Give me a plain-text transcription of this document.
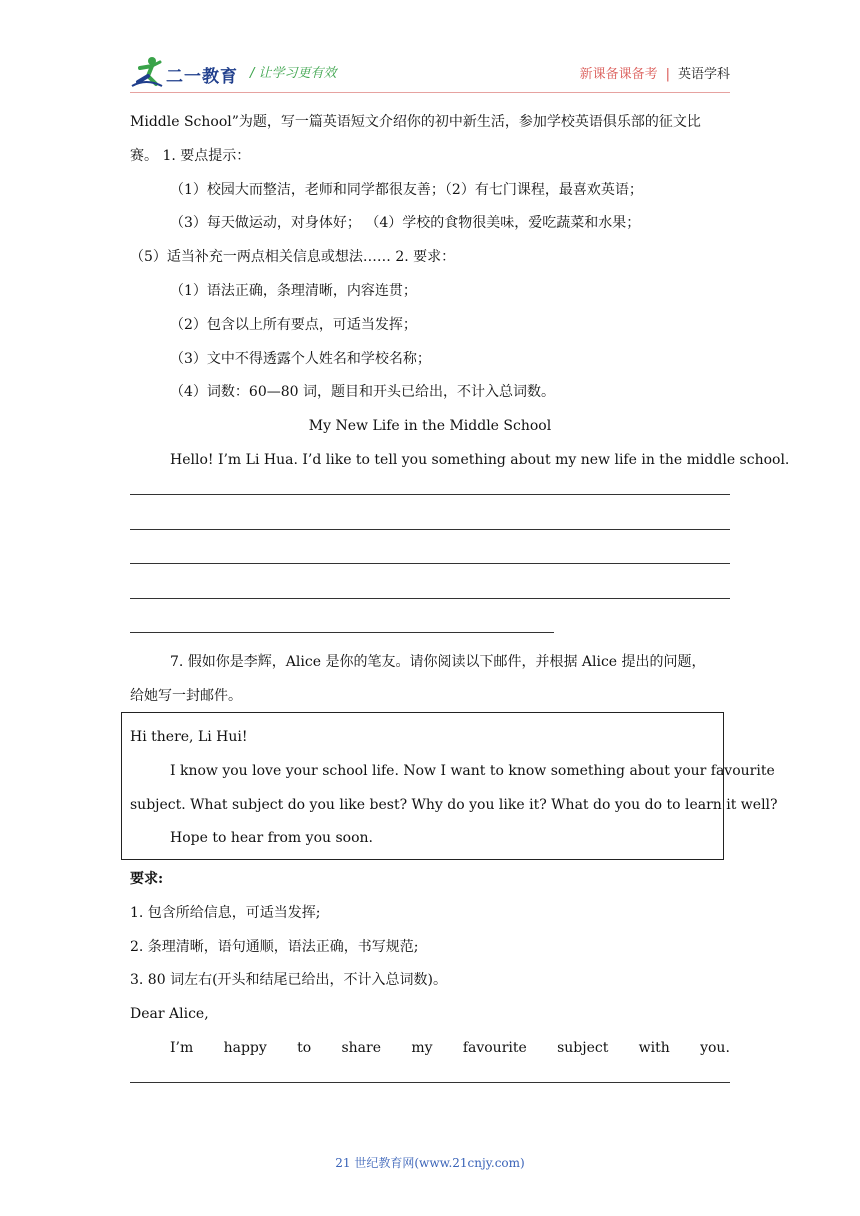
二一教育 / 让学习更有效	新课备课备考 | 英语学科
Middle School”为题，写一篇英语短文介绍你的初中新生活，参加学校英语俱乐部的征文比
赛。 1. 要点提示：
（1）校园大而整洁，老师和同学都很友善；（2）有七门课程，最喜欢英语；
（3）每天做运动，对身体好； （4）学校的食物很美味，爱吃蔬菜和水果；
（5）适当补充一两点相关信息或想法…… 2. 要求：
（1）语法正确，条理清晰，内容连贯；
（2）包含以上所有要点，可适当发挥；
（3）文中不得透露个人姓名和学校名称；
（4）词数：60—80 词，题目和开头已给出，不计入总词数。
My New Life in the Middle School
Hello! I’m Li Hua. I’d like to tell you something about my new life in the middle school.
7. 假如你是李辉，Alice 是你的笔友。请你阅读以下邮件，并根据 Alice 提出的问题，
给她写一封邮件。
Hi there, Li Hui!
I know you love your school life. Now I want to know something about your favourite
subject. What subject do you like best? Why do you like it? What do you do to learn it well?
Hope to hear from you soon.
要求:
1. 包含所给信息，可适当发挥;
2. 条理清晰，语句通顺，语法正确，书写规范;
3. 80 词左右(开头和结尾已给出，不计入总词数)。
Dear Alice,
I’m happy to share my favourite subject with you.
21 世纪教育网(www.21cnjy.com)
